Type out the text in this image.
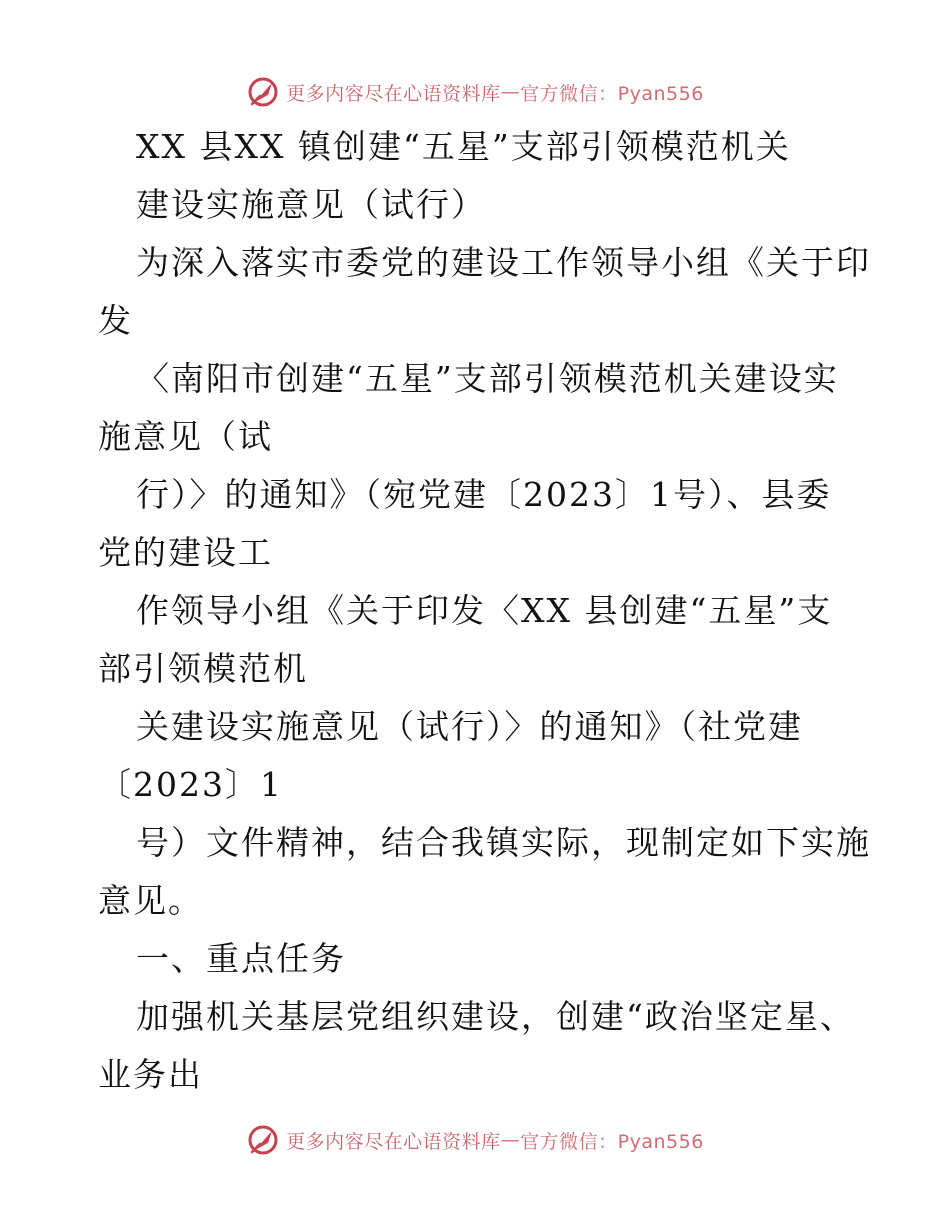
更多内容尽在心语资料库 — 官方微信：Pyan556
XX 县XX 镇创建“五星”支部引领模范机关
建设实施意见（试行）
为深入落实市委党的建设工作领导小组《关于印
发
〈南阳市创建“五星”支部引领模范机关建设实
施意见（试
行）〉的通知》（宛党建〔2023〕1号）、县委
党的建设工
作领导小组《关于印发〈XX 县创建“五星”支
部引领模范机
关建设实施意见（试行）〉的通知》（社党建
〔2023〕1
号）文件精神，结合我镇实际，现制定如下实施
意见。
一、重点任务
加强机关基层党组织建设，创建“政治坚定星、
业务出
更多内容尽在心语资料库 — 官方微信：Pyan556
